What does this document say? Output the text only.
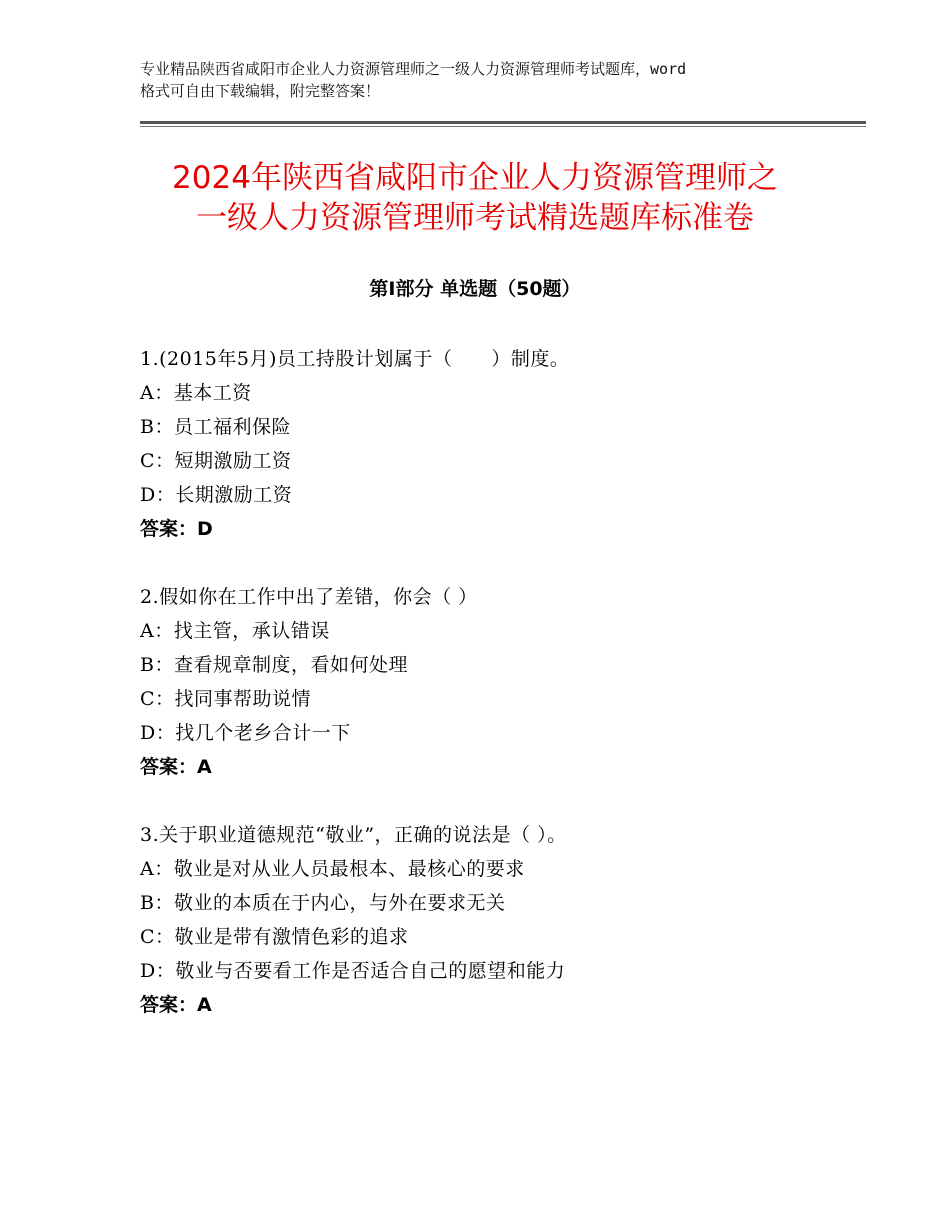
专业精品陕西省咸阳市企业人力资源管理师之一级人力资源管理师考试题库，word
格式可自由下载编辑，附完整答案！
2024年陕西省咸阳市企业人力资源管理师之
一级人力资源管理师考试精选题库标准卷
第Ⅰ部分 单选题（50题）
1.(2015年5月)员工持股计划属于（　　）制度。
A：基本工资
B：员工福利保险
C：短期激励工资
D：长期激励工资
答案：D
2.假如你在工作中出了差错，你会（ ）
A：找主管，承认错误
B：查看规章制度，看如何处理
C：找同事帮助说情
D：找几个老乡合计一下
答案：A
3.关于职业道德规范“敬业”，正确的说法是（ ）。
A：敬业是对从业人员最根本、最核心的要求
B：敬业的本质在于内心，与外在要求无关
C：敬业是带有激情色彩的追求
D：敬业与否要看工作是否适合自己的愿望和能力
答案：A
